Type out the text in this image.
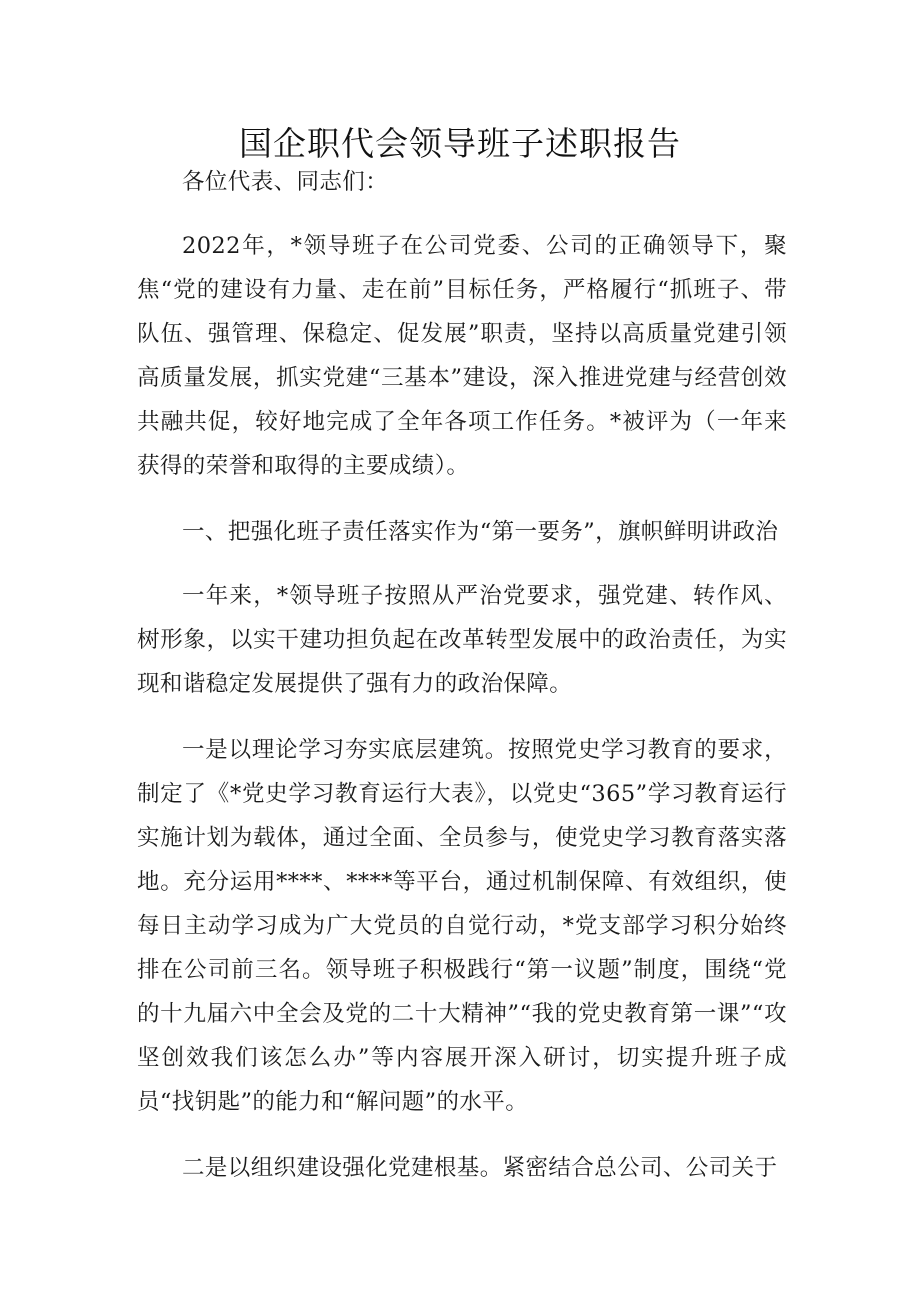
国企职代会领导班子述职报告

各位代表、同志们：

2022年，*领导班子在公司党委、公司的正确领导下，聚焦“党的建设有力量、走在前”目标任务，严格履行“抓班子、带队伍、强管理、保稳定、促发展”职责，坚持以高质量党建引领高质量发展，抓实党建“三基本”建设，深入推进党建与经营创效共融共促，较好地完成了全年各项工作任务。*被评为（一年来获得的荣誉和取得的主要成绩）。

一、把强化班子责任落实作为“第一要务”，旗帜鲜明讲政治

一年来，*领导班子按照从严治党要求，强党建、转作风、树形象，以实干建功担负起在改革转型发展中的政治责任，为实现和谐稳定发展提供了强有力的政治保障。

一是以理论学习夯实底层建筑。按照党史学习教育的要求，制定了《*党史学习教育运行大表》，以党史“365”学习教育运行实施计划为载体，通过全面、全员参与，使党史学习教育落实落地。充分运用****、****等平台，通过机制保障、有效组织，使每日主动学习成为广大党员的自觉行动，*党支部学习积分始终排在公司前三名。领导班子积极践行“第一议题”制度，围绕“党的十九届六中全会及党的二十大精神”“我的党史教育第一课”“攻坚创效我们该怎么办”等内容展开深入研讨，切实提升班子成员“找钥匙”的能力和“解问题”的水平。

二是以组织建设强化党建根基。紧密结合总公司、公司关于
